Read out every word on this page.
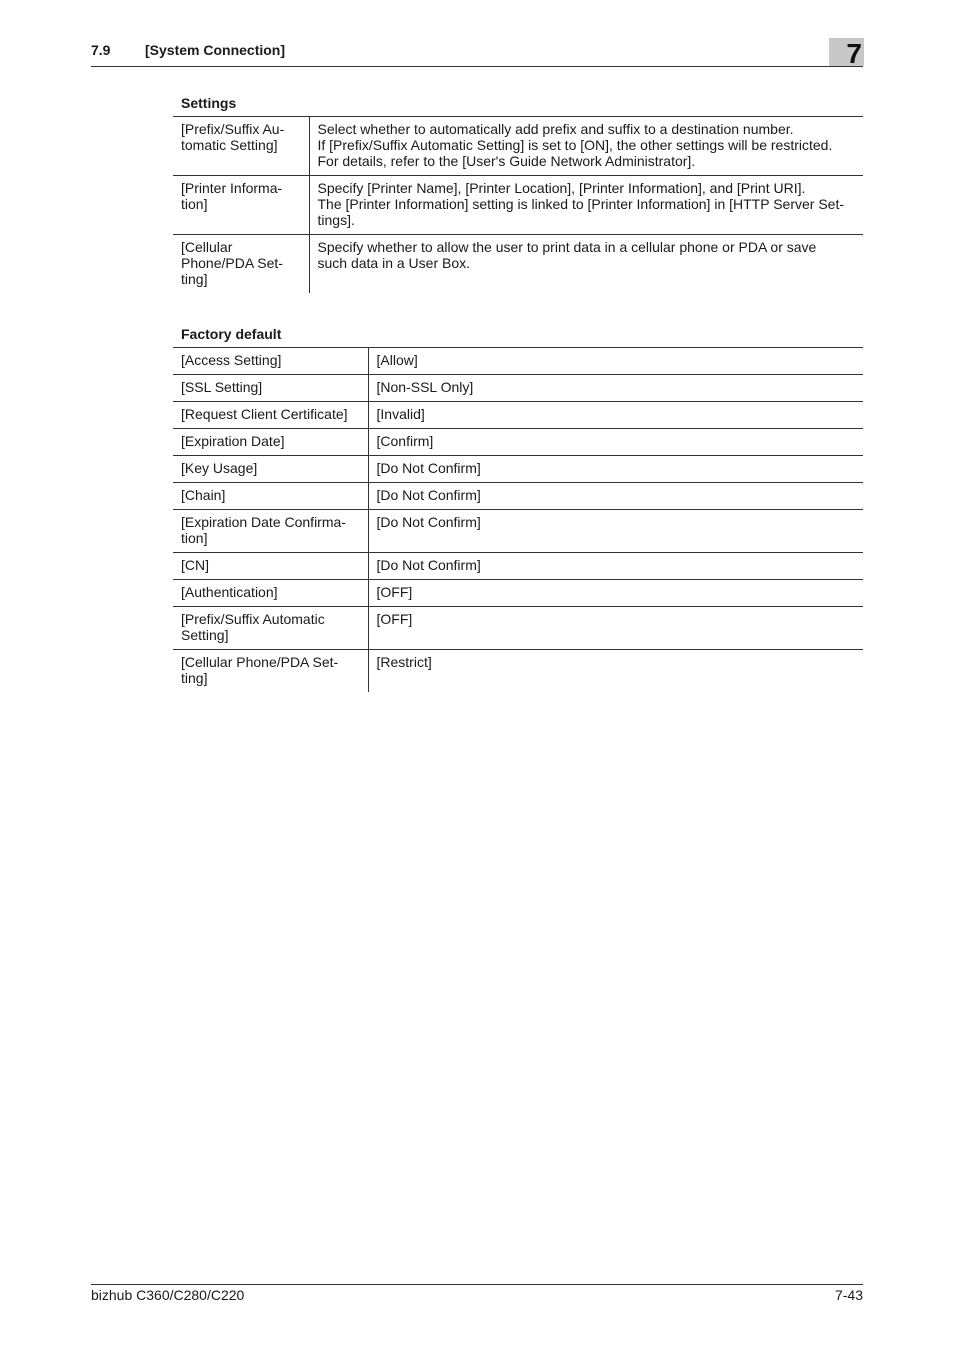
7.9 [System Connection]	7
Settings
[Prefix/Suffix Au-
tomatic Setting]	Select whether to automatically add prefix and suffix to a destination number.
If [Prefix/Suffix Automatic Setting] is set to [ON], the other settings will be restricted.
For details, refer to the [User's Guide Network Administrator].
[Printer Informa-
tion]	Specify [Printer Name], [Printer Location], [Printer Information], and [Print URI].
The [Printer Information] setting is linked to [Printer Information] in [HTTP Server Set-
tings].
[Cellular
Phone/PDA Set-
ting]	Specify whether to allow the user to print data in a cellular phone or PDA or save
such data in a User Box.
Factory default
[Access Setting]	[Allow]
[SSL Setting]	[Non-SSL Only]
[Request Client Certificate]	[Invalid]
[Expiration Date]	[Confirm]
[Key Usage]	[Do Not Confirm]
[Chain]	[Do Not Confirm]
[Expiration Date Confirma-
tion]	[Do Not Confirm]
[CN]	[Do Not Confirm]
[Authentication]	[OFF]
[Prefix/Suffix Automatic
Setting]	[OFF]
[Cellular Phone/PDA Set-
ting]	[Restrict]
bizhub C360/C280/C220	7-43
